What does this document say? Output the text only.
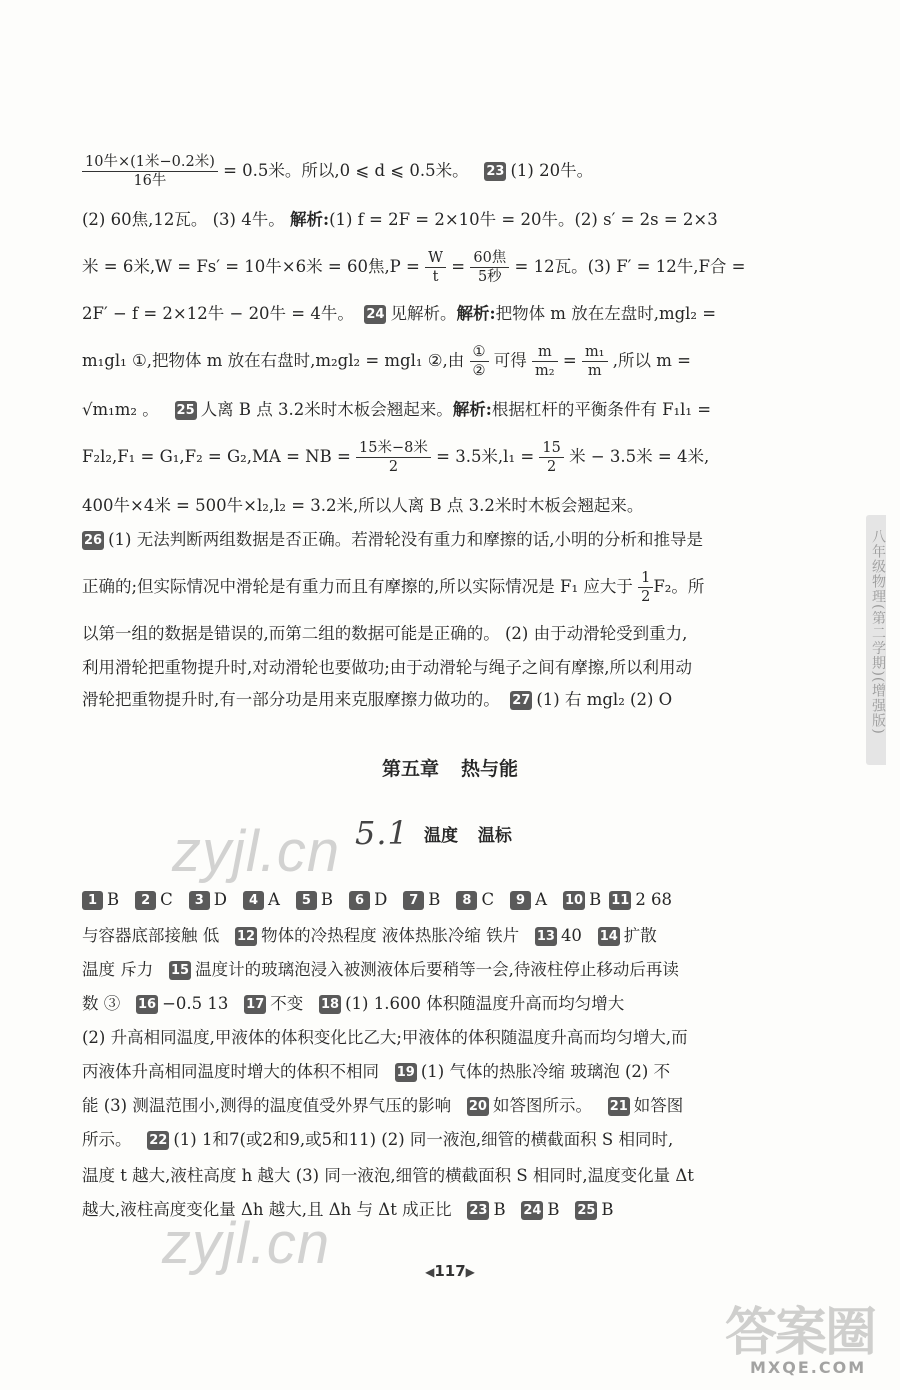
八年级物理(第二学期)(增强版)
$\frac{\text{10牛×(1米−0.2米)}}{\text{16牛}} = 0.5$米。所以,0 ⩽ d ⩽ 0.5米。 23 (1) 20牛。
(2) 60焦,12瓦。 (3) 4牛。 解析:(1) f = 2F = 2×10牛 = 20牛。(2) s′ = 2s = 2×3
米 = 6米,W = Fs′ = 10牛×6米 = 60焦$,P = \frac{W}{t} = \frac{\text{60焦}}{\text{5秒}} = 12$瓦。(3) F′ = 12牛,F合 =
2F′ − f = 2×12牛 − 20牛 = 4牛。 24 见解析。解析:把物体 m 放在左盘时,mgl₂ =
m₁gl₁ ①,把物体 m 放在右盘时,m₂gl₂ = mgl₁ ②,由 $\frac{\text{①}}{\text{②}}$ 可得 $\frac{m}{\text{m₂}} = \frac{\text{m₁}}{m}$ ,所以 m =
√m₁m₂ 。 25 人离 B 点 3.2米时木板会翘起来。解析:根据杠杆的平衡条件有 F₁l₁ =
F₂l₂,F₁ = G₁,F₂ = G₂,MA = NB = $\frac{\text{15米−8米}}{2} = 3.5$米$,l_1 = \frac{15}{2}$ 米 − 3.5米 = 4米,
400牛×4米 = 500牛×l₂,l₂ = 3.2米,所以人离 B 点 3.2米时木板会翘起来。
26 (1) 无法判断两组数据是否正确。若滑轮没有重力和摩擦的话,小明的分析和推导是
正确的;但实际情况中滑轮是有重力而且有摩擦的,所以实际情况是 F₁ 应大于 $\frac{1}{2} F_2$。所
以第一组的数据是错误的,而第二组的数据可能是正确的。 (2) 由于动滑轮受到重力,
利用滑轮把重物提升时,对动滑轮也要做功;由于动滑轮与绳子之间有摩擦,所以利用动
滑轮把重物提升时,有一部分功是用来克服摩擦力做功的。 27 (1) 右 mgl₂ (2) O
第五章 热与能
5.1 温度 温标
1 B 2 C 3 D 4 A 5 B 6 D 7 B 8 C 9 A 10 B 11 2 68
与容器底部接触 低 12 物体的冷热程度 液体热胀冷缩 铁片 13 40 14 扩散
温度 斥力 15 温度计的玻璃泡浸入被测液体后要稍等一会,待液柱停止移动后再读
数 ③ 16 −0.5 13 17 不变 18 (1) 1.600 体积随温度升高而均匀增大
(2) 升高相同温度,甲液体的体积变化比乙大;甲液体的体积随温度升高而均匀增大,而
丙液体升高相同温度时增大的体积不相同 19 (1) 气体的热胀冷缩 玻璃泡 (2) 不
能 (3) 测温范围小,测得的温度值受外界气压的影响 20 如答图所示。 21 如答图
所示。 22 (1) 1和7(或2和9,或5和11) (2) 同一液泡,细管的横截面积 S 相同时,
温度 t 越大,液柱高度 h 越大 (3) 同一液泡,细管的横截面积 S 相同时,温度变化量 Δt
越大,液柱高度变化量 Δh 越大,且 Δh 与 Δt 成正比 23 B 24 B 25 B
◀117▶
zyjl.cn
zyjl.cn
答案圈
MXQE.COM
